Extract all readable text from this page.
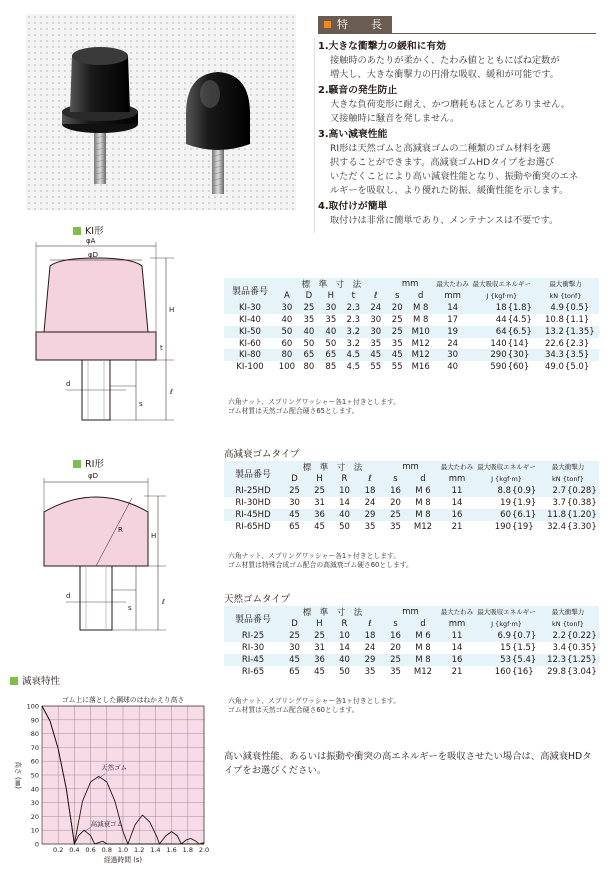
特　長
1.大きな衝撃力の緩和に有効
接触時のあたりが柔かく、たわみ値とともにばね定数が
増大し、大きな衝撃力の円滑な吸収、緩和が可能です。
2.騒音の発生防止
大きな負荷変形に耐え、かつ磨耗もほとんどありません。
又接触時に騒音を発しません。
3.高い減衰性能
RI形は天然ゴムと高減衰ゴムの二種類のゴム材料を選
択することができます。高減衰ゴムHDタイプをお選び
いただくことにより高い減衰性能となり、振動や衝突のエネ
ルギーを吸収し、より優れた防振、緩衝性能を示します。
4.取付けが簡単
取付けは非常に簡単であり、メンテナンスは不要です。
KI形
φA
φD
H
t
d
s
ℓ
製品番号	標　準　寸　法					mm		最大たわみ	最大吸収エネルギー		最大衝撃力	
	A	D	H	t	ℓ	s	d	mm	J {kgf·m}		kN {tonf}	
KI-30	30	25	30	2.3	24	20	M 8	14	18	{1.8}	4.9	{0.5}
KI-40	40	35	35	2.3	30	25	M 8	17	44	{4.5}	10.8	{1.1}
KI-50	50	40	40	3.2	30	25	M10	19	64	{6.5}	13.2	{1.35}
KI-60	60	50	50	3.2	35	35	M12	24	140	{14}	22.6	{2.3}
KI-80	80	65	65	4.5	45	45	M12	30	290	{30}	34.3	{3.5}
KI-100	100	80	85	4.5	55	55	M16	40	590	{60}	49.0	{5.0}
六角ナット、スプリングワッシャー各1ヶ付きとします。
ゴム材質は天然ゴム配合硬さ65とします。
RI形
φD
R
H
d
s
ℓ
高減衰ゴムタイプ
製品番号	標　準　寸　法				mm		最大たわみ	最大吸収エネルギー		最大衝撃力	
	D	H	R	ℓ	s	d	mm	J {kgf·m}		kN {tonf}	
RI-25HD	25	25	10	18	16	M 6	11	8.8	{0.9}	2.7	{0.28}
RI-30HD	30	31	14	24	20	M 8	14	19	{1.9}	3.7	{0.38}
RI-45HD	45	36	40	29	25	M 8	16	60	{6.1}	11.8	{1.20}
RI-65HD	65	45	50	35	35	M12	21	190	{19}	32.4	{3.30}
六角ナット、スプリングワッシャー各1ヶ付きとします。
ゴム材質は特殊合成ゴム配合の高減衰ゴム硬さ60とします。
天然ゴムタイプ
製品番号	標　準　寸　法				mm		最大たわみ	最大吸収エネルギー		最大衝撃力	
	D	H	R	ℓ	s	d	mm	J {kgf·m}		kN {tonf}	
RI-25	25	25	10	18	16	M 6	11	6.9	{0.7}	2.2	{0.22}
RI-30	30	31	14	24	20	M 8	14	15	{1.5}	3.4	{0.35}
RI-45	45	36	40	29	25	M 8	16	53	{5.4}	12.3	{1.25}
RI-65	65	45	50	35	35	M12	21	160	{16}	29.8	{3.04}
六角ナット、スプリングワッシャー各1ヶ付きとします。
ゴム材質は天然ゴム配合硬さ60とします。
減衰特性
0
10
20
30
40
50
60
70
80
90
100
0.2 0.4 0.6 0.8 1.0 1.2 1.4 1.6 1.8 2.0
ゴム上に落とした鋼球のはねかえり高さ
経過時間 (s)
高さ (㎜)	天然ゴム
高減衰ゴム
高い減衰性能、あるいは振動や衝突の高エネルギーを吸収させたい場合は、高減衰HDタ
イプをお選びください。
